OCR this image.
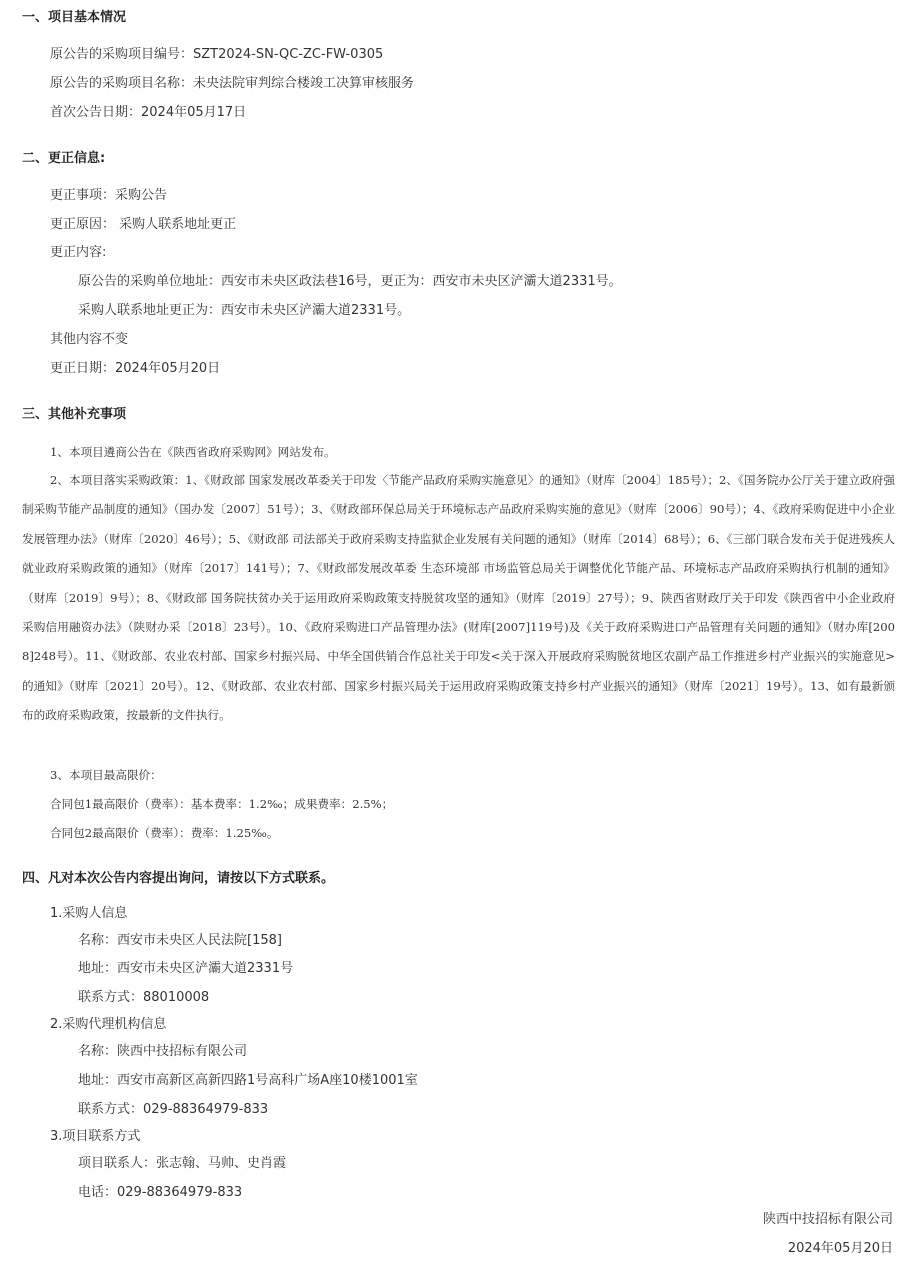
一、项目基本情况
原公告的采购项目编号：SZT2024-SN-QC-ZC-FW-0305
原公告的采购项目名称：未央法院审判综合楼竣工决算审核服务
首次公告日期：2024年05月17日
二、更正信息:
更正事项：采购公告
更正原因： 采购人联系地址更正
更正内容:
原公告的采购单位地址：西安市未央区政法巷16号，更正为：西安市未央区浐灞大道2331号。
采购人联系地址更正为：西安市未央区浐灞大道2331号。
其他内容不变
更正日期：2024年05月20日
三、其他补充事项
1、本项目遴商公告在《陕西省政府采购网》网站发布。
2、本项目落实采购政策：1、《财政部 国家发展改革委关于印发〈节能产品政府采购实施意见〉的通知》（财库〔2004〕185号）；2、《国务院办公厅关于建立政府强制采购节能产品制度的通知》（国办发〔2007〕51号）；3、《财政部环保总局关于环境标志产品政府采购实施的意见》（财库〔2006〕90号）；4、《政府采购促进中小企业发展管理办法》（财库〔2020〕46号）；5、《财政部 司法部关于政府采购支持监狱企业发展有关问题的通知》（财库〔2014〕68号）；6、《三部门联合发布关于促进残疾人就业政府采购政策的通知》（财库〔2017〕141号）；7、《财政部发展改革委 生态环境部 市场监管总局关于调整优化节能产品、环境标志产品政府采购执行机制的通知》（财库〔2019〕9号）；8、《财政部 国务院扶贫办关于运用政府采购政策支持脱贫攻坚的通知》（财库〔2019〕27号）；9、陕西省财政厅关于印发《陕西省中小企业政府采购信用融资办法》（陕财办采〔2018〕23号）。10、《政府采购进口产品管理办法》(财库[2007]119号)及《关于政府采购进口产品管理有关问题的通知》（财办库[2008]248号）。11、《财政部、农业农村部、国家乡村振兴局、中华全国供销合作总社关于印发<关于深入开展政府采购脱贫地区农副产品工作推进乡村产业振兴的实施意见>的通知》（财库〔2021〕20号）。12、《财政部、农业农村部、国家乡村振兴局关于运用政府采购政策支持乡村产业振兴的通知》（财库〔2021〕19号）。13、如有最新颁布的政府采购政策，按最新的文件执行。
3、本项目最高限价：
合同包1最高限价（费率）：基本费率：1.2‰；成果费率：2.5%；
合同包2最高限价（费率）：费率：1.25‰。
四、凡对本次公告内容提出询问，请按以下方式联系。
1.采购人信息
名称：西安市未央区人民法院[158]
地址：西安市未央区浐灞大道2331号
联系方式：88010008
2.采购代理机构信息
名称：陕西中技招标有限公司
地址：西安市高新区高新四路1号高科广场A座10楼1001室
联系方式：029-88364979-833
3.项目联系方式
项目联系人：张志翰、马帅、史肖霞
电话：029-88364979-833
陕西中技招标有限公司
2024年05月20日
